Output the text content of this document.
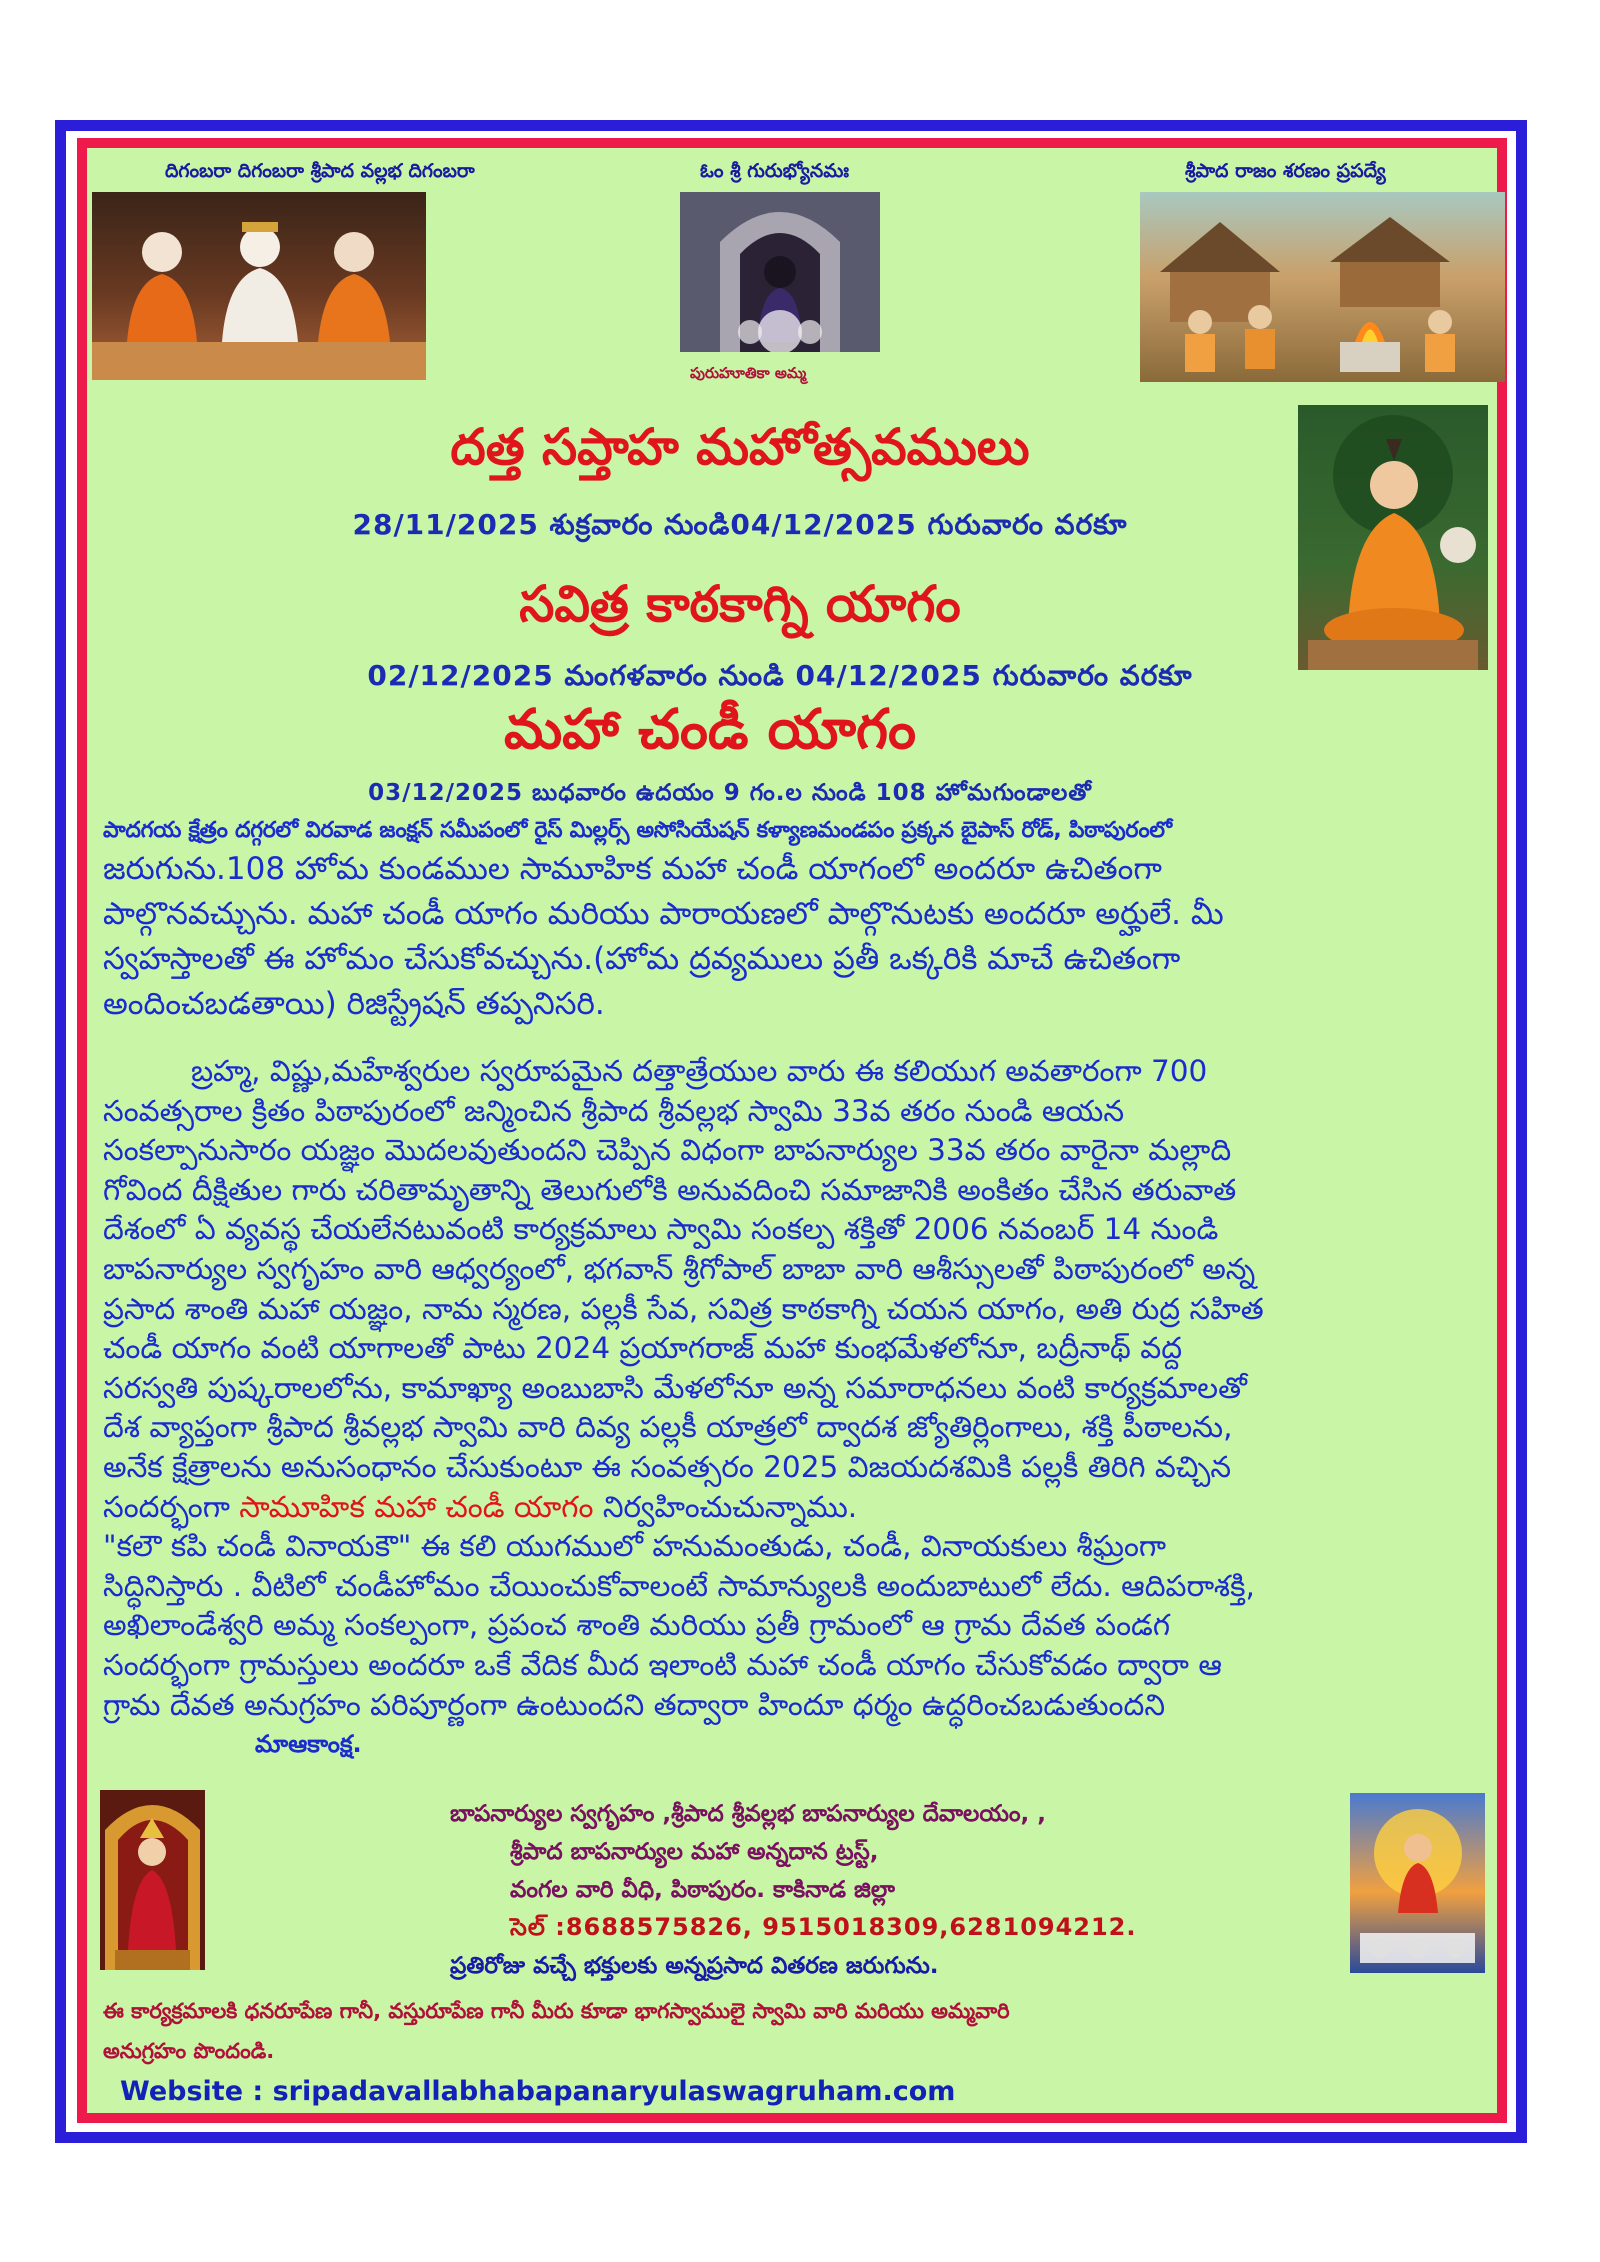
దిగంబరా దిగంబరా శ్రీపాద వల్లభ దిగంబరా	ఓం శ్రీ గురుభ్యోనమః	శ్రీపాద రాజం శరణం ప్రపద్యే
పురుహూతికా అమ్మ
దత్త సప్తాహ మహోత్సవములు
28/11/2025 శుక్రవారం నుండి04/12/2025 గురువారం వరకూ
సవిత్ర కాఠకాగ్ని యాగం
02/12/2025 మంగళవారం నుండి 04/12/2025 గురువారం వరకూ
మహా చండీ యాగం
03/12/2025 బుధవారం ఉదయం 9 గం.ల నుండి 108 హోమగుండాలతో
పాదగయ క్షేత్రం దగ్గరలో విరవాడ జంక్షన్ సమీపంలో రైస్ మిల్లర్స్ అసోసియేషన్ కళ్యాణమండపం ప్రక్కన బైపాస్ రోడ్, పిఠాపురంలో
జరుగును.108 హోమ కుండముల సామూహిక మహా చండీ యాగంలో అందరూ ఉచితంగా
పాల్గొనవచ్చును. మహా చండీ యాగం మరియు పారాయణలో పాల్గొనుటకు అందరూ అర్హులే. మీ
స్వహస్తాలతో ఈ హోమం చేసుకోవచ్చును.(హోమ ద్రవ్యములు ప్రతీ ఒక్కరికి మాచే ఉచితంగా
అందించబడతాయి) రిజిస్ట్రేషన్ తప్పనిసరి.
బ్రహ్మ, విష్ణు,మహేశ్వరుల స్వరూపమైన దత్తాత్రేయుల వారు ఈ కలియుగ అవతారంగా 700
సంవత్సరాల క్రితం పిఠాపురంలో జన్మించిన శ్రీపాద శ్రీవల్లభ స్వామి 33వ తరం నుండి ఆయన
సంకల్పానుసారం యజ్ఞం మొదలవుతుందని చెప్పిన విధంగా బాపనార్యుల 33వ తరం వారైనా మల్లాది
గోవింద దీక్షితుల గారు చరితామృతాన్ని తెలుగులోకి అనువదించి సమాజానికి అంకితం చేసిన తరువాత
దేశంలో ఏ వ్యవస్థ చేయలేనటువంటి కార్యక్రమాలు స్వామి సంకల్ప శక్తితో 2006 నవంబర్ 14 నుండి
బాపనార్యుల స్వగృహం వారి ఆధ్వర్యంలో, భగవాన్ శ్రీగోపాల్ బాబా వారి ఆశీస్సులతో పిఠాపురంలో అన్న
ప్రసాద శాంతి మహా యజ్ఞం, నామ స్మరణ, పల్లకీ సేవ, సవిత్ర కాఠకాగ్ని చయన యాగం, అతి రుద్ర సహిత
చండీ యాగం వంటి యాగాలతో పాటు 2024 ప్రయాగరాజ్ మహా కుంభమేళలోనూ, బద్రీనాథ్ వద్ద
సరస్వతి పుష్కరాలలోను, కామాఖ్యా అంబుబాసి మేళలోనూ అన్న సమారాధనలు వంటి కార్యక్రమాలతో
దేశ వ్యాప్తంగా శ్రీపాద శ్రీవల్లభ స్వామి వారి దివ్య పల్లకీ యాత్రలో ద్వాదశ జ్యోతిర్లింగాలు, శక్తి పీఠాలను,
అనేక క్షేత్రాలను అనుసంధానం చేసుకుంటూ ఈ సంవత్సరం 2025 విజయదశమికి పల్లకీ తిరిగి వచ్చిన
సందర్భంగా సామూహిక మహా చండీ యాగం నిర్వహించుచున్నాము.
"కలౌ కపి చండీ వినాయకౌ" ఈ కలి యుగములో హనుమంతుడు, చండీ, వినాయకులు శీఘ్రంగా
సిద్ధినిస్తారు . వీటిలో చండీహోమం చేయించుకోవాలంటే సామాన్యులకి అందుబాటులో లేదు. ఆదిపరాశక్తి,
అఖిలాండేశ్వరి అమ్మ సంకల్పంగా, ప్రపంచ శాంతి మరియు ప్రతీ గ్రామంలో ఆ గ్రామ దేవత పండగ
సందర్భంగా గ్రామస్తులు అందరూ ఒకే వేదిక మీద ఇలాంటి మహా చండీ యాగం చేసుకోవడం ద్వారా ఆ
గ్రామ దేవత అనుగ్రహం పరిపూర్ణంగా ఉంటుందని తద్వారా హిందూ ధర్మం ఉద్ధరించబడుతుందని
మాఆకాంక్ష.
బాపనార్యుల స్వగృహం ,శ్రీపాద శ్రీవల్లభ బాపనార్యుల దేవాలయం, ,
శ్రీపాద బాపనార్యుల మహా అన్నదాన ట్రస్ట్,
వంగల వారి వీధి, పిఠాపురం. కాకినాడ జిల్లా
సెల్ :8688575826, 9515018309,6281094212.
ప్రతిరోజు వచ్చే భక్తులకు అన్నప్రసాద వితరణ జరుగును.
ఈ కార్యక్రమాలకి ధనరూపేణ గానీ, వస్తురూపేణ గానీ మీరు కూడా భాగస్వాములై స్వామి వారి మరియు అమ్మవారి
అనుగ్రహం పొందండి.
Website : sripadavallabhabapanaryulaswagruham.com
